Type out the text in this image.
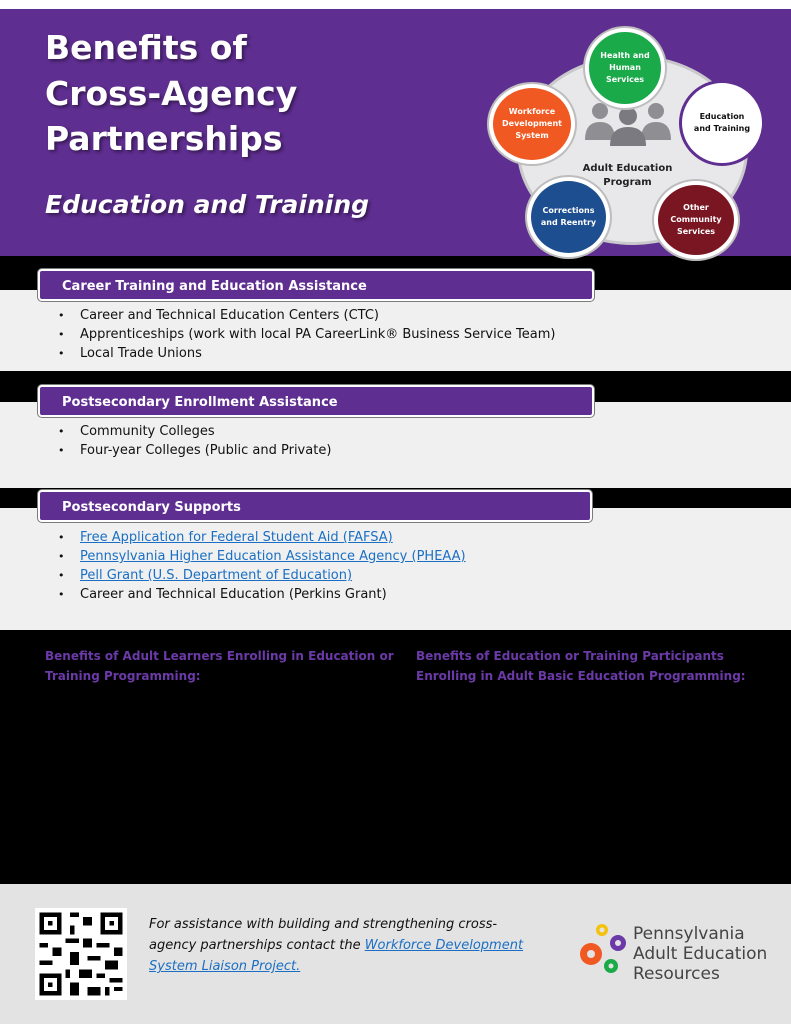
Benefits of
Cross-Agency
Partnerships
Education and Training
Adult Education Program
Health and Human Services
Education and Training
Other Community Services
Corrections and Reentry
Workforce Development System
Career Training and Education Assistance
• Career and Technical Education Centers (CTC)
• Apprenticeships (work with local PA CareerLink® Business Service Team)
• Local Trade Unions
Postsecondary Enrollment Assistance
• Community Colleges
• Four-year Colleges (Public and Private)
Postsecondary Supports
• Free Application for Federal Student Aid (FAFSA)
• Pennsylvania Higher Education Assistance Agency (PHEAA)
• Pell Grant (U.S. Department of Education)
• Career and Technical Education (Perkins Grant)
Benefits of Adult Learners Enrolling in Education or
Training Programming:
Benefits of Education or Training Participants
Enrolling in Adult Basic Education Programming:
For assistance with building and strengthening cross-agency partnerships contact the Workforce Development System Liaison Project.
Pennsylvania
Adult Education
Resources
